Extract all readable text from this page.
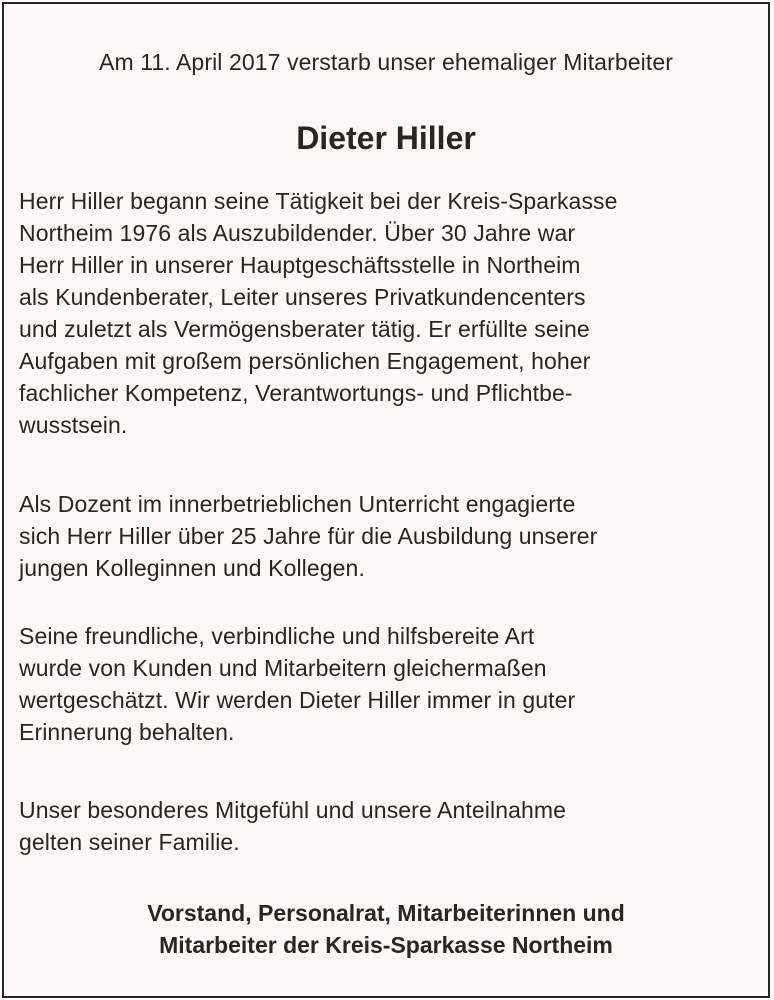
Am 11. April 2017 verstarb unser ehemaliger Mitarbeiter

Dieter Hiller

Herr Hiller begann seine Tätigkeit bei der Kreis-Sparkasse
Northeim 1976 als Auszubildender. Über 30 Jahre war
Herr Hiller in unserer Hauptgeschäftsstelle in Northeim
als Kundenberater, Leiter unseres Privatkundencenters
und zuletzt als Vermögensberater tätig. Er erfüllte seine
Aufgaben mit großem persönlichen Engagement, hoher
fachlicher Kompetenz, Verantwortungs- und Pflichtbe-
wusstsein.

Als Dozent im innerbetrieblichen Unterricht engagierte
sich Herr Hiller über 25 Jahre für die Ausbildung unserer
jungen Kolleginnen und Kollegen.

Seine freundliche, verbindliche und hilfsbereite Art
wurde von Kunden und Mitarbeitern gleichermaßen
wertgeschätzt. Wir werden Dieter Hiller immer in guter
Erinnerung behalten.

Unser besonderes Mitgefühl und unsere Anteilnahme
gelten seiner Familie.

Vorstand, Personalrat, Mitarbeiterinnen und
Mitarbeiter der Kreis-Sparkasse Northeim
